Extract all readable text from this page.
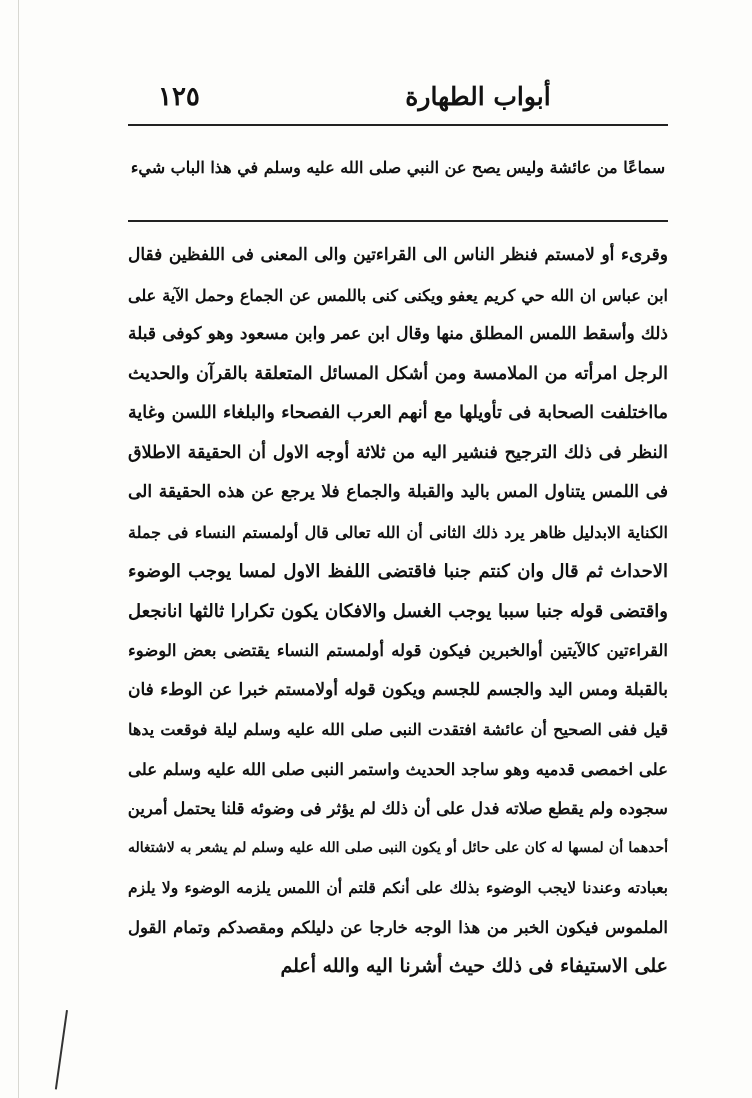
١٢٥	أبواب الطهارة
سماعًا من عائشة وليس يصح عن النبي صلى الله عليه وسلم في هذا الباب شيء
وقرىء أو لامستم فنظر الناس الى القراءتين والى المعنى فى اللفظين فقال
ابن عباس ان الله حي كريم يعفو ويكنى كنى باللمس عن الجماع وحمل الآية على
ذلك وأسقط اللمس المطلق منها وقال ابن عمر وابن مسعود وهو كوفى قبلة
الرجل امرأته من الملامسة ومن أشكل المسائل المتعلقة بالقرآن والحديث
مااختلفت الصحابة فى تأويلها مع أنهم العرب الفصحاء والبلغاء اللسن وغاية
النظر فى ذلك الترجيح فنشير اليه من ثلاثة أوجه الاول أن الحقيقة الاطلاق
فى اللمس يتناول المس باليد والقبلة والجماع فلا يرجع عن هذه الحقيقة الى
الكناية الابدليل ظاهر يرد ذلك الثانى أن الله تعالى قال أولمستم النساء فى جملة
الاحداث ثم قال وان كنتم جنبا فاقتضى اللفظ الاول لمسا يوجب الوضوء
واقتضى قوله جنبا سببا يوجب الغسل والافكان يكون تكرارا ثالثها انانجعل
القراءتين كالآيتين أوالخبرين فيكون قوله أولمستم النساء يقتضى بعض الوضوء
بالقبلة ومس اليد والجسم للجسم ويكون قوله أولامستم خبرا عن الوطء فان
قيل ففى الصحيح أن عائشة افتقدت النبى صلى الله عليه وسلم ليلة فوقعت يدها
على اخمصى قدميه وهو ساجد الحديث واستمر النبى صلى الله عليه وسلم على
سجوده ولم يقطع صلاته فدل على أن ذلك لم يؤثر فى وضوئه قلنا يحتمل أمرين
أحدهما أن لمسها له كان على حائل أو يكون النبى صلى الله عليه وسلم لم يشعر به لاشتغاله
بعبادته وعندنا لايجب الوضوء بذلك على أنكم قلتم أن اللمس يلزمه الوضوء ولا يلزم
الملموس فيكون الخبر من هذا الوجه خارجا عن دليلكم ومقصدكم وتمام القول
على الاستيفاء فى ذلك حيث أشرنا اليه والله أعلم
